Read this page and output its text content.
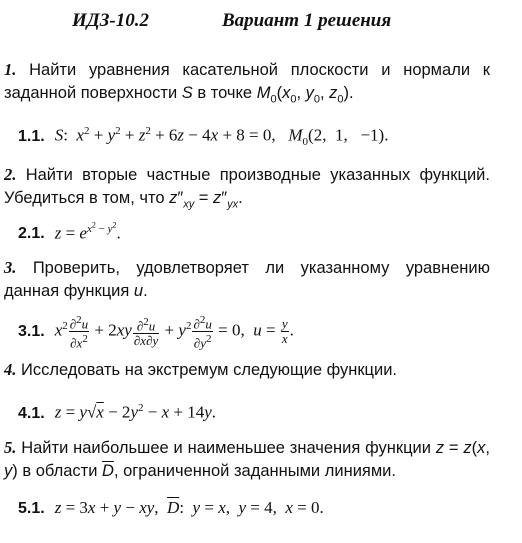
ИДЗ-10.2	Вариант 1 решения
1. Найти уравнения касательной плоскости и нормали к заданной поверхности S в точке $M_0(x_0$, $y_0$, $z_0$).
1.1. S:  $x^2 + y^2 + z^2 + 6z - 4x + 8 = 0$,   $M_0(2$,  1,   −1).
2. Найти вторые частные производные указанных функций. Убедиться в том, что $z''_{xy} = z''_{yx}$.
2.1. $z = e^{x^2 - y^2}$.
3. Проверить, удовлетворяет ли указанному уравнению данная функция u.
3.1. $x^2 \frac{\partial^2u}{\partial x^2} + 2xy \frac{\partial^2u}{\partial x\partial y} + y^2 \frac{\partial^2u}{\partial y^2} = 0$,  $u = \frac{y}{x}$ .
4. Исследовать на экстремум следующие функции.
4.1. $z = y√x - 2y^2 - x + 14y$.
5. Найти наибольшее и наименьшее значения функции z = z(x, y) в области $\overline{D}$, ограниченной заданными линиями.
5.1. z = 3x + y − xy,  $\overline{D}$:  y = x,  y = 4,  x = 0.
